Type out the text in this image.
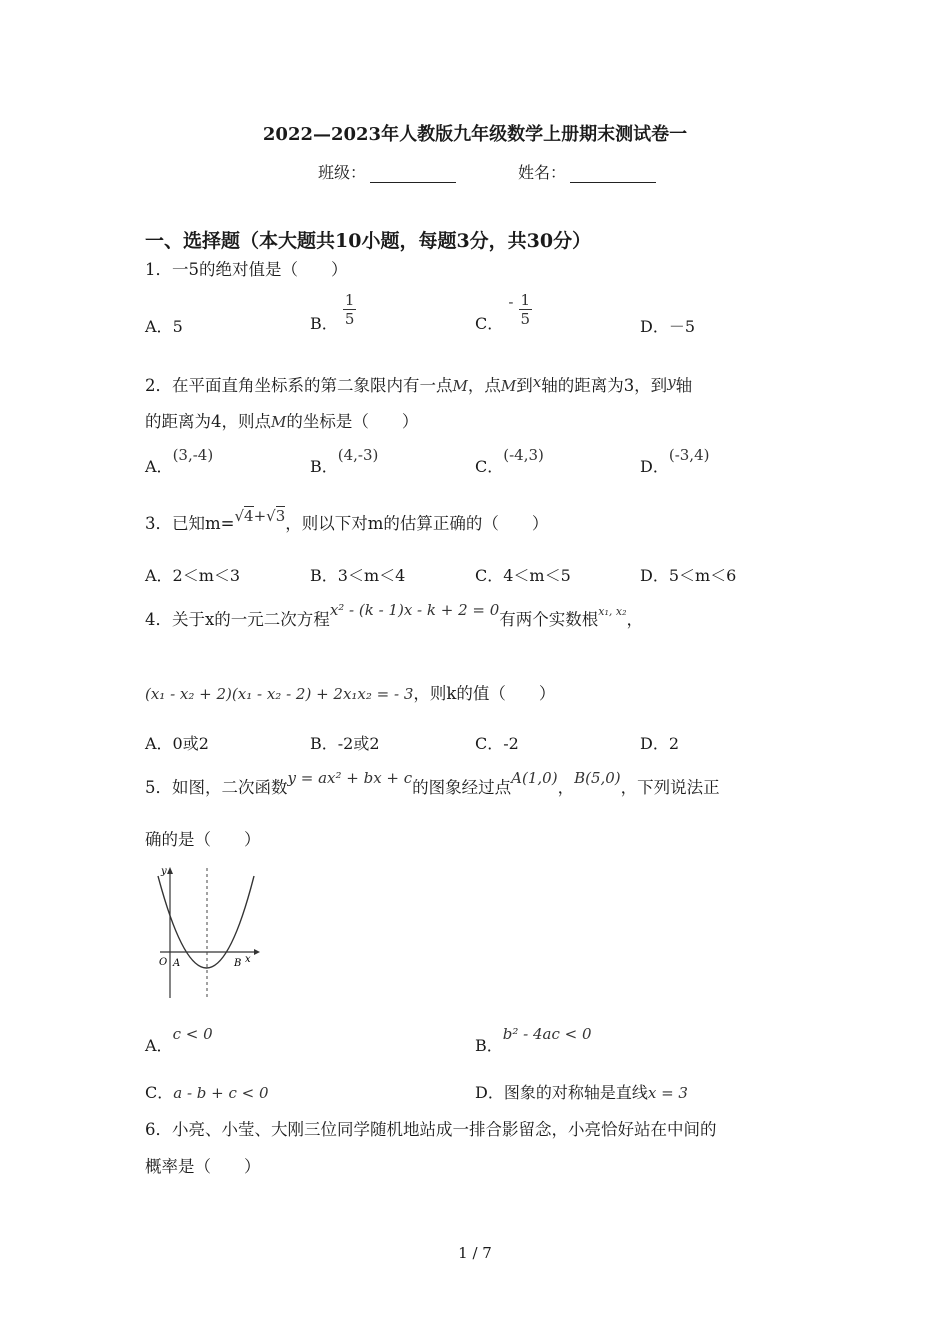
2022—2023年人教版九年级数学上册期末测试卷一
班级：	姓名：
一、选择题（本大题共10小题，每题3分，共30分）
1．一5的绝对值是（　　）
A．5	B． $\frac{1}{5}$	C． - $\frac{1}{5}$	D．－5
2．在平面直角坐标系的第二象限内有一点M，点M到x轴的距离为3，到y轴
的距离为4，则点M的坐标是（　　）
A．(3,-4)
B．(4,-3)
C．(-4,3)
D．(-3,4)
3．已知m=√4+√3，则以下对m的估算正确的（　　）
A．2＜m＜3	B．3＜m＜4	C．4＜m＜5	D．5＜m＜6
4．关于x的一元二次方程x² - (k - 1)x - k + 2 = 0有两个实数根x₁, x₂，
(x₁ - x₂ + 2)(x₁ - x₂ - 2) + 2x₁x₂ = - 3，则k的值（　　）
A．0或2	B．-2或2	C．-2	D．2
5．如图，二次函数y = ax² + bx + c的图象经过点A(1,0)，B(5,0)，下列说法正
确的是（　　）
y
x
O A	B
A．c < 0
B．b² - 4ac < 0
C．a - b + c < 0	D．图象的对称轴是直线x = 3
6．小亮、小莹、大刚三位同学随机地站成一排合影留念，小亮恰好站在中间的
概率是（　　）
1 / 7
